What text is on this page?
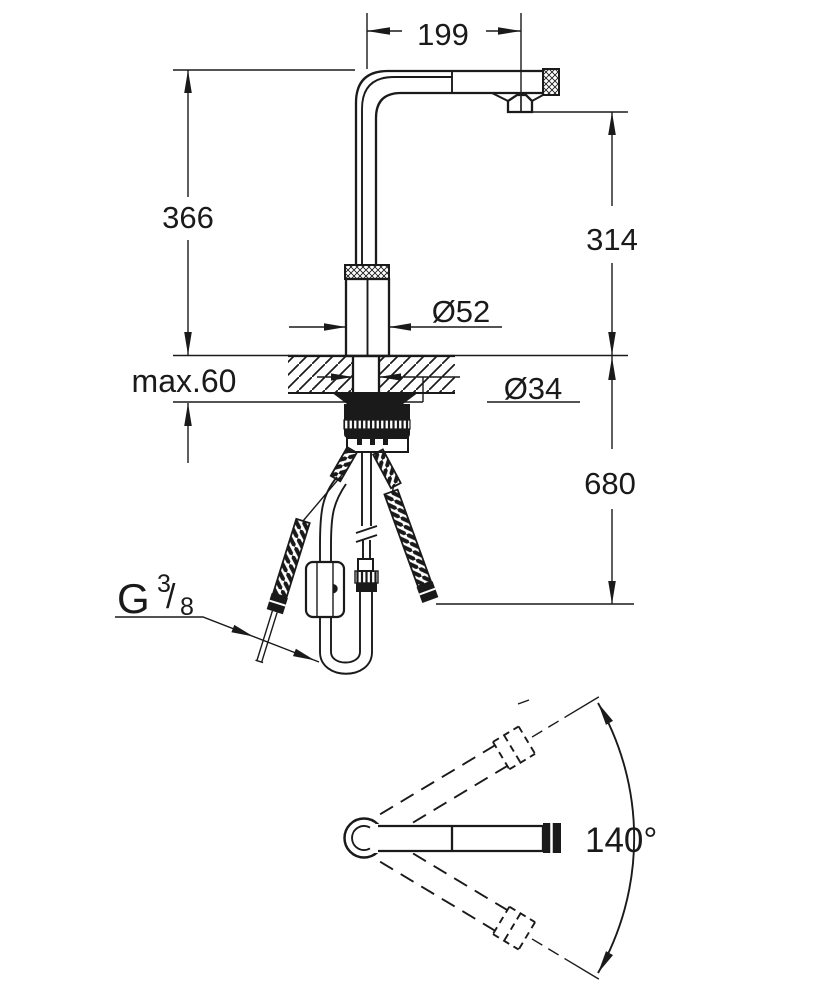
199
366
max.60
Ø52
Ø34
314
680
G 3
/ 8
140°
